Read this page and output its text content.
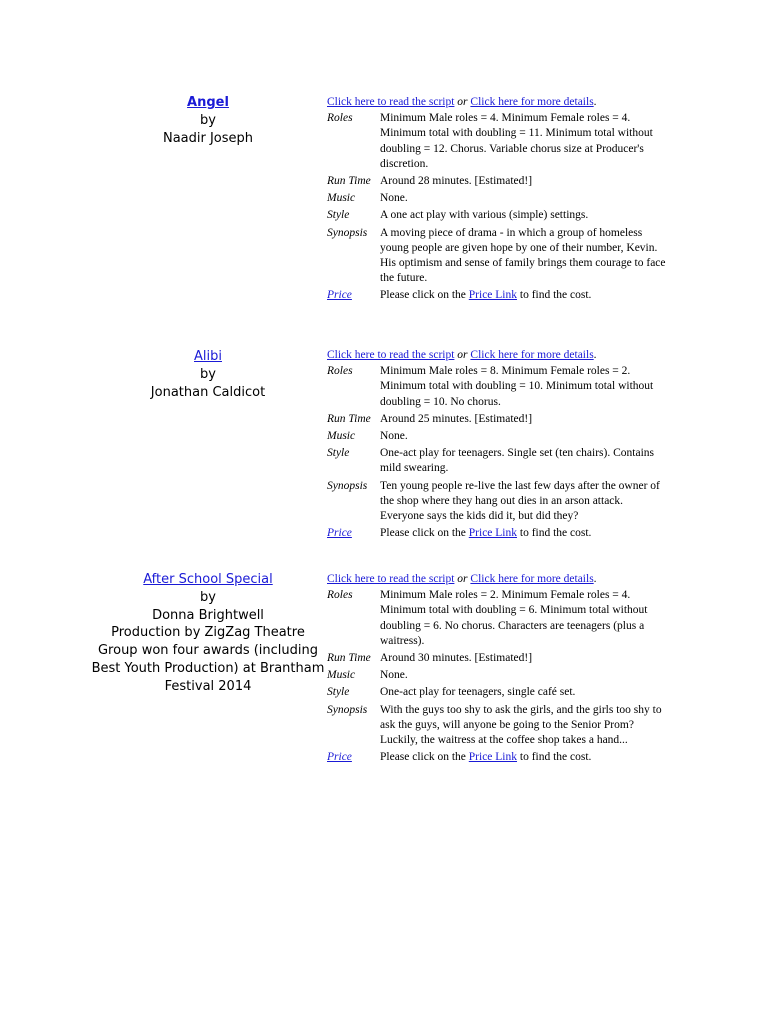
Angel
by
Naadir Joseph
Click here to read the script or Click here for more details.
Roles	Minimum Male roles = 4. Minimum Female roles = 4. Minimum total with doubling = 11. Minimum total without doubling = 12. Chorus. Variable chorus size at Producer's discretion.
Run Time Around 28 minutes. [Estimated!]
Music	None.
Style	A one act play with various (simple) settings.
Synopsis	A moving piece of drama - in which a group of homeless young people are given hope by one of their number, Kevin. His optimism and sense of family brings them courage to face the future.
Price	Please click on the Price Link to find the cost.
Alibi
by
Jonathan Caldicot
Click here to read the script or Click here for more details.
Roles	Minimum Male roles = 8. Minimum Female roles = 2. Minimum total with doubling = 10. Minimum total without doubling = 10. No chorus.
Run Time Around 25 minutes. [Estimated!]
Music	None.
Style	One-act play for teenagers. Single set (ten chairs). Contains mild swearing.
Synopsis	Ten young people re-live the last few days after the owner of the shop where they hang out dies in an arson attack. Everyone says the kids did it, but did they?
Price	Please click on the Price Link to find the cost.
After School Special
by
Donna Brightwell
Production by ZigZag Theatre Group won four awards (including Best Youth Production) at Brantham Festival 2014
Click here to read the script or Click here for more details.
Roles	Minimum Male roles = 2. Minimum Female roles = 4. Minimum total with doubling = 6. Minimum total without doubling = 6. No chorus. Characters are teenagers (plus a waitress).
Run Time Around 30 minutes. [Estimated!]
Music	None.
Style	One-act play for teenagers, single café set.
Synopsis	With the guys too shy to ask the girls, and the girls too shy to ask the guys, will anyone be going to the Senior Prom? Luckily, the waitress at the coffee shop takes a hand...
Price	Please click on the Price Link to find the cost.
